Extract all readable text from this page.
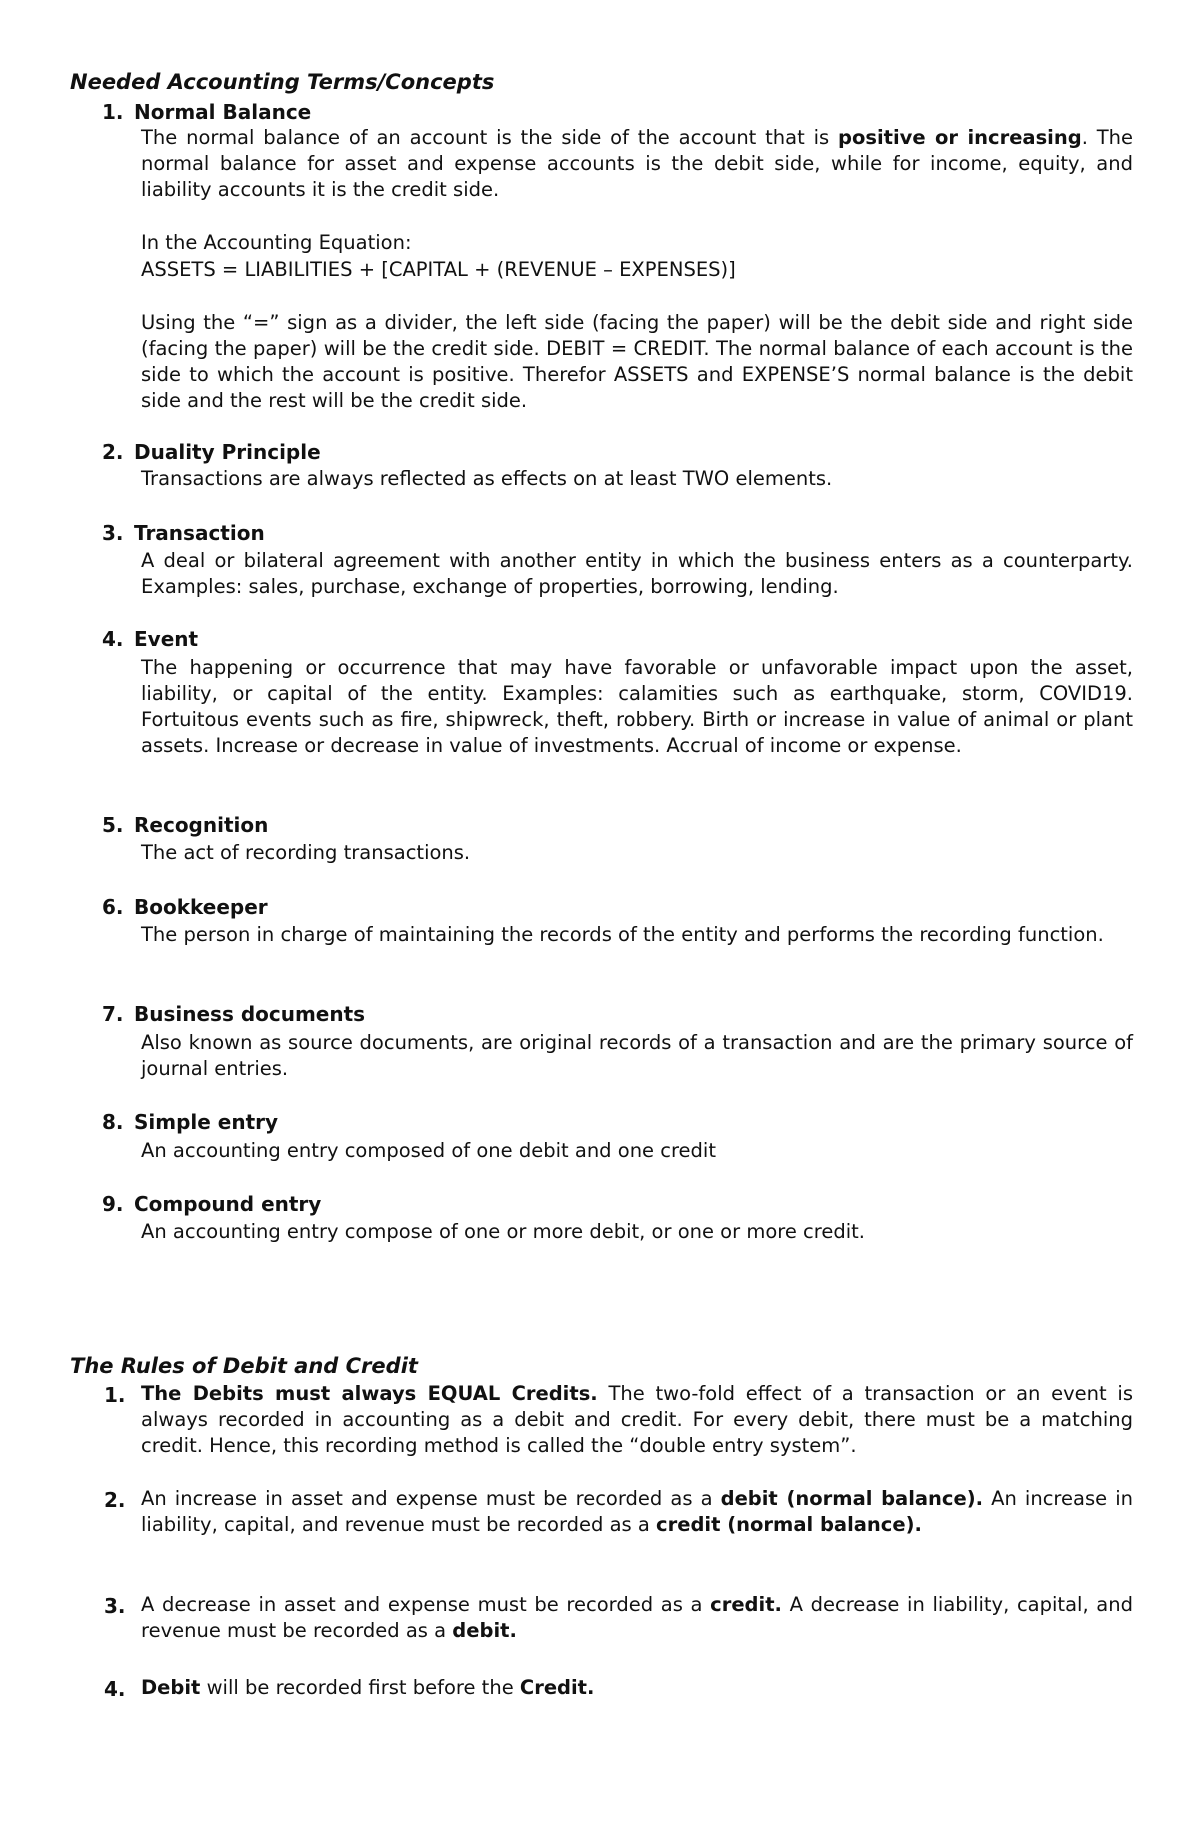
Needed Accounting Terms/Concepts
1. Normal Balance

The normal balance of an account is the side of the account that is positive or increasing. The normal balance for asset and expense accounts is the debit side, while for income, equity, and liability accounts it is the credit side.

In the Accounting Equation:

ASSETS = LIABILITIES + [CAPITAL + (REVENUE – EXPENSES)]

Using the “=” sign as a divider, the left side (facing the paper) will be the debit side and right side (facing the paper) will be the credit side. DEBIT = CREDIT. The normal balance of each account is the side to which the account is positive. Therefor ASSETS and EXPENSE’S normal balance is the debit side and the rest will be the credit side.

2. Duality Principle

Transactions are always reflected as effects on at least TWO elements.

3. Transaction

A deal or bilateral agreement with another entity in which the business enters as a counterparty. Examples: sales, purchase, exchange of properties, borrowing, lending.

4. Event

The happening or occurrence that may have favorable or unfavorable impact upon the asset, liability, or capital of the entity. Examples: calamities such as earthquake, storm, COVID19. Fortuitous events such as fire, shipwreck, theft, robbery. Birth or increase in value of animal or plant assets. Increase or decrease in value of investments. Accrual of income or expense.

5. Recognition

The act of recording transactions.

6. Bookkeeper

The person in charge of maintaining the records of the entity and performs the recording function.

7. Business documents

Also known as source documents, are original records of a transaction and are the primary source of journal entries.

8. Simple entry

An accounting entry composed of one debit and one credit

9. Compound entry

An accounting entry compose of one or more debit, or one or more credit.

The Rules of Debit and Credit
1. The Debits must always EQUAL Credits. The two-fold effect of a transaction or an event is always recorded in accounting as a debit and credit. For every debit, there must be a matching credit. Hence, this recording method is called the “double entry system”.

2. An increase in asset and expense must be recorded as a debit (normal balance). An increase in liability, capital, and revenue must be recorded as a credit (normal balance).

3. A decrease in asset and expense must be recorded as a credit. A decrease in liability, capital, and revenue must be recorded as a debit.

4. Debit will be recorded first before the Credit.
